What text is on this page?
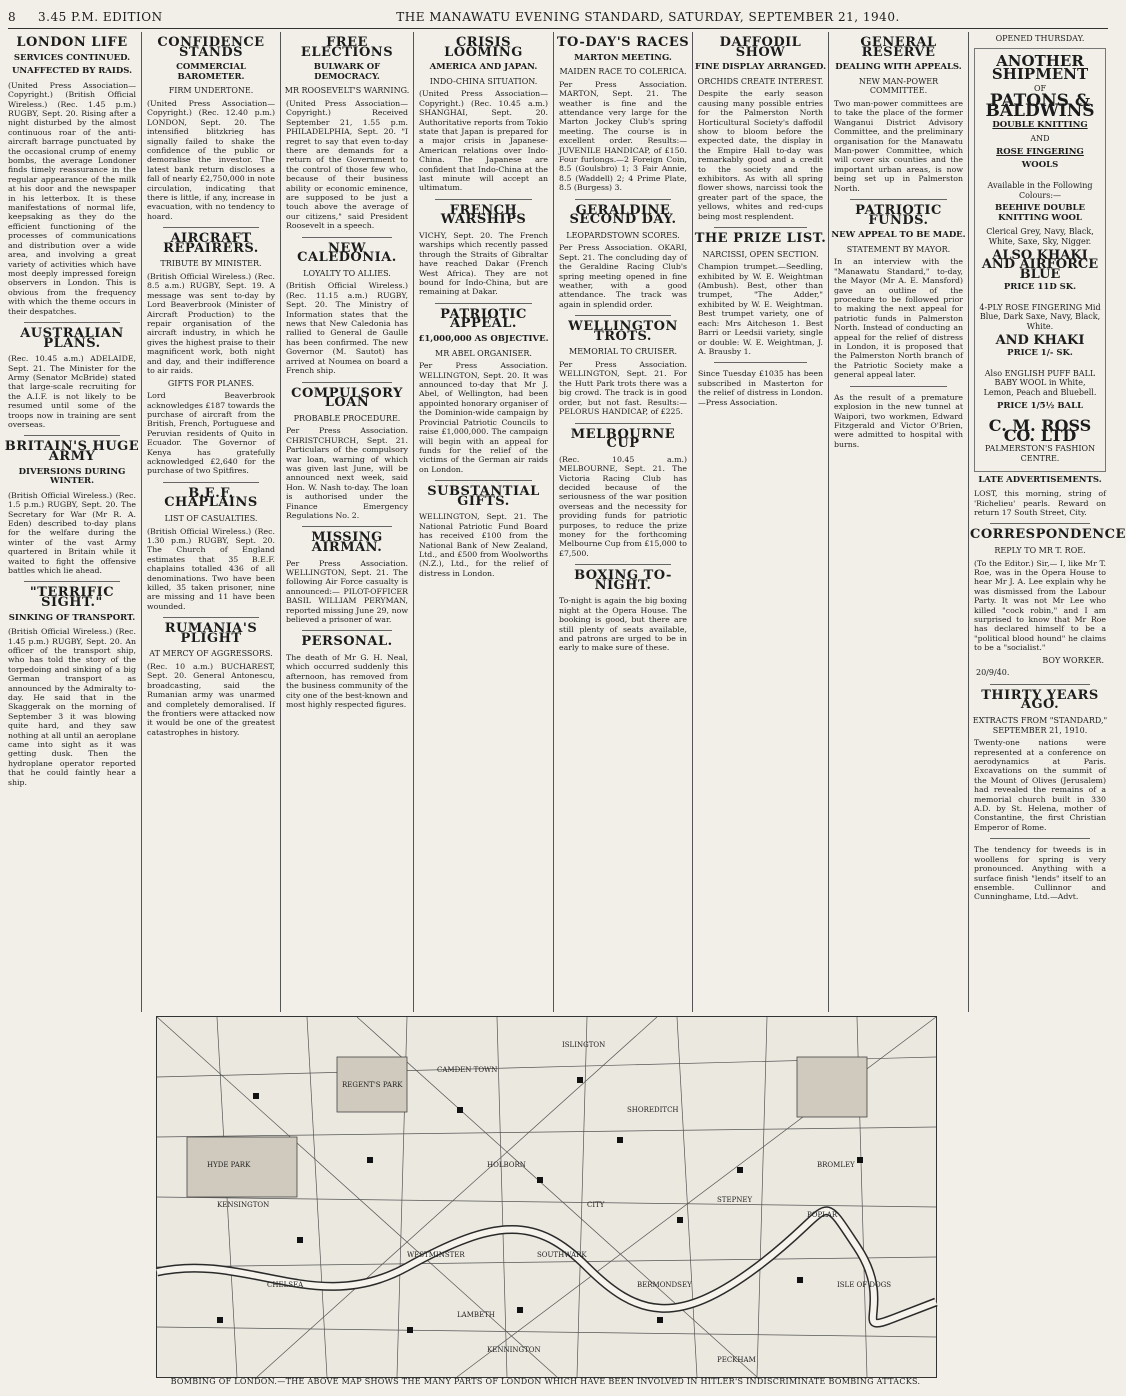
8	3.45 P.M. EDITION	THE MANAWATU EVENING STANDARD, SATURDAY, SEPTEMBER 21, 1940.
LONDON LIFE
SERVICES CONTINUED.
UNAFFECTED BY RAIDS.

(United Press Association—Copyright.) (British Official Wireless.) (Rec. 1.45 p.m.) RUGBY, Sept. 20. Rising after a night disturbed by the almost continuous roar of the anti-aircraft barrage punctuated by the occasional crump of enemy bombs, the average Londoner finds timely reassurance in the regular appearance of the milk at his door and the newspaper in his letterbox. It is these manifestations of normal life, keepsaking as they do the efficient functioning of the processes of communications and distribution over a wide area, and involving a great variety of activities which have most deeply impressed foreign observers in London. This is obvious from the frequency with which the theme occurs in their despatches.

AUSTRALIAN PLANS.

(Rec. 10.45 a.m.) ADELAIDE, Sept. 21. The Minister for the Army (Senator McBride) stated that large-scale recruiting for the A.I.F. is not likely to be resumed until some of the troops now in training are sent overseas.

BRITAIN'S HUGE ARMY
DIVERSIONS DURING WINTER.

(British Official Wireless.) (Rec. 1.5 p.m.) RUGBY, Sept. 20. The Secretary for War (Mr R. A. Eden) described to-day plans for the welfare during the winter of the vast Army quartered in Britain while it waited to fight the offensive battles which lie ahead.

"TERRIFIC SIGHT."
SINKING OF TRANSPORT.

(British Official Wireless.) (Rec. 1.45 p.m.) RUGBY, Sept. 20. An officer of the transport ship, who has told the story of the torpedoing and sinking of a big German transport as announced by the Admiralty to-day. He said that in the Skaggerak on the morning of September 3 it was blowing quite hard, and they saw nothing at all until an aeroplane came into sight as it was getting dusk. Then the hydroplane operator reported that he could faintly hear a ship.

CONFIDENCE STANDS
COMMERCIAL BAROMETER.
FIRM UNDERTONE.

(United Press Association—Copyright.) (Rec. 12.40 p.m.) LONDON, Sept. 20. The intensified blitzkrieg has signally failed to shake the confidence of the public or demoralise the investor. The latest bank return discloses a fall of nearly £2,750,000 in note circulation, indicating that there is little, if any, increase in evacuation, with no tendency to hoard.

AIRCRAFT REPAIRERS.
TRIBUTE BY MINISTER.

(British Official Wireless.) (Rec. 8.5 a.m.) RUGBY, Sept. 19. A message was sent to-day by Lord Beaverbrook (Minister of Aircraft Production) to the repair organisation of the aircraft industry, in which he gives the highest praise to their magnificent work, both night and day, and their indifference to air raids.

GIFTS FOR PLANES.

Lord Beaverbrook acknowledges £187 towards the purchase of aircraft from the British, French, Portuguese and Peruvian residents of Quito in Ecuador. The Governor of Kenya has gratefully acknowledged £2,640 for the purchase of two Spitfires.

B.E.F. CHAPLAINS
LIST OF CASUALTIES.

(British Official Wireless.) (Rec. 1.30 p.m.) RUGBY, Sept. 20. The Church of England estimates that 35 B.E.F. chaplains totalled 436 of all denominations. Two have been killed, 35 taken prisoner, nine are missing and 11 have been wounded.

RUMANIA'S PLIGHT
AT MERCY OF AGGRESSORS.

(Rec. 10 a.m.) BUCHAREST, Sept. 20. General Antonescu, broadcasting, said the Rumanian army was unarmed and completely demoralised. If the frontiers were attacked now it would be one of the greatest catastrophes in history.

FREE ELECTIONS
BULWARK OF DEMOCRACY.
MR ROOSEVELT'S WARNING.

(United Press Association—Copyright.) Received September 21, 1.55 p.m. PHILADELPHIA, Sept. 20. "I regret to say that even to-day there are demands for a return of the Government to the control of those few who, because of their business ability or economic eminence, are supposed to be just a touch above the average of our citizens," said President Roosevelt in a speech.

NEW CALEDONIA.
LOYALTY TO ALLIES.

(British Official Wireless.) (Rec. 11.15 a.m.) RUGBY, Sept. 20. The Ministry of Information states that the news that New Caledonia has rallied to General de Gaulle has been confirmed. The new Governor (M. Sautot) has arrived at Noumea on board a French ship.

COMPULSORY LOAN
PROBABLE PROCEDURE.

Per Press Association. CHRISTCHURCH, Sept. 21. Particulars of the compulsory war loan, warning of which was given last June, will be announced next week, said Hon. W. Nash to-day. The loan is authorised under the Finance Emergency Regulations No. 2.

MISSING AIRMAN.

Per Press Association. WELLINGTON, Sept. 21. The following Air Force casualty is announced:— PILOT-OFFICER BASIL WILLIAM PERYMAN, reported missing June 29, now believed a prisoner of war.

PERSONAL.

The death of Mr G. H. Neal, which occurred suddenly this afternoon, has removed from the business community of the city one of the best-known and most highly respected figures.

CRISIS LOOMING
AMERICA AND JAPAN.
INDO-CHINA SITUATION.

(United Press Association—Copyright.) (Rec. 10.45 a.m.) SHANGHAI, Sept. 20. Authoritative reports from Tokio state that Japan is prepared for a major crisis in Japanese-American relations over Indo-China. The Japanese are confident that Indo-China at the last minute will accept an ultimatum.

FRENCH WARSHIPS

VICHY, Sept. 20. The French warships which recently passed through the Straits of Gibraltar have reached Dakar (French West Africa). They are not bound for Indo-China, but are remaining at Dakar.

PATRIOTIC APPEAL.
£1,000,000 AS OBJECTIVE.
MR ABEL ORGANISER.

Per Press Association. WELLINGTON, Sept. 20. It was announced to-day that Mr J. Abel, of Wellington, had been appointed honorary organiser of the Dominion-wide campaign by Provincial Patriotic Councils to raise £1,000,000. The campaign will begin with an appeal for funds for the relief of the victims of the German air raids on London.

SUBSTANTIAL GIFTS.

WELLINGTON, Sept. 21. The National Patriotic Fund Board has received £100 from the National Bank of New Zealand, Ltd., and £500 from Woolworths (N.Z.), Ltd., for the relief of distress in London.

TO-DAY'S RACES
MARTON MEETING.
MAIDEN RACE TO COLERICA.

Per Press Association. MARTON, Sept. 21. The weather is fine and the attendance very large for the Marton Jockey Club's spring meeting. The course is in excellent order. Results:— JUVENILE HANDICAP, of £150. Four furlongs.—2 Foreign Coin, 8.5 (Goulsbro) 1; 3 Fair Annie, 8.5 (Waddell) 2; 4 Prime Plate, 8.5 (Burgess) 3.

GERALDINE SECOND DAY.
LEOPARDSTOWN SCORES.

Per Press Association. OKARI, Sept. 21. The concluding day of the Geraldine Racing Club's spring meeting opened in fine weather, with a good attendance. The track was again in splendid order.

WELLINGTON TROTS.
MEMORIAL TO CRUISER.

Per Press Association. WELLINGTON, Sept. 21. For the Hutt Park trots there was a big crowd. The track is in good order, but not fast. Results:— PELORUS HANDICAP, of £225.

MELBOURNE CUP

(Rec. 10.45 a.m.) MELBOURNE, Sept. 21. The Victoria Racing Club has decided because of the seriousness of the war position overseas and the necessity for providing funds for patriotic purposes, to reduce the prize money for the forthcoming Melbourne Cup from £15,000 to £7,500.

BOXING TO-NIGHT.

To-night is again the big boxing night at the Opera House. The booking is good, but there are still plenty of seats available, and patrons are urged to be in early to make sure of these.

DAFFODIL SHOW
FINE DISPLAY ARRANGED.
ORCHIDS CREATE INTEREST.

Despite the early season causing many possible entries for the Palmerston North Horticultural Society's daffodil show to bloom before the expected date, the display in the Empire Hall to-day was remarkably good and a credit to the society and the exhibitors. As with all spring flower shows, narcissi took the greater part of the space, the yellows, whites and red-cups being most resplendent.

THE PRIZE LIST.
NARCISSI, OPEN SECTION.

Champion trumpet.—Seedling, exhibited by W. E. Weightman (Ambush). Best, other than trumpet, "The Adder," exhibited by W. E. Weightman. Best trumpet variety, one of each: Mrs Aitcheson 1. Best Barri or Leedsii variety, single or double: W. E. Weightman, J. A. Brausby 1.

Since Tuesday £1035 has been subscribed in Masterton for the relief of distress in London.—Press Association.

GENERAL RESERVE
DEALING WITH APPEALS.
NEW MAN-POWER COMMITTEE.

Two man-power committees are to take the place of the former Wanganui District Advisory Committee, and the preliminary organisation for the Manawatu Man-power Committee, which will cover six counties and the important urban areas, is now being set up in Palmerston North.

PATRIOTIC FUNDS.
NEW APPEAL TO BE MADE.
STATEMENT BY MAYOR.

In an interview with the "Manawatu Standard," to-day, the Mayor (Mr A. E. Mansford) gave an outline of the procedure to be followed prior to making the next appeal for patriotic funds in Palmerston North. Instead of conducting an appeal for the relief of distress in London, it is proposed that the Palmerston North branch of the Patriotic Society make a general appeal later.

As the result of a premature explosion in the new tunnel at Waipori, two workmen, Edward Fitzgerald and Victor O'Brien, were admitted to hospital with burns.

OPENED THURSDAY.
ANOTHER
SHIPMENT
OF
PATONS & BALDWINS
DOUBLE KNITTING
AND
ROSE FINGERING
WOOLS
Available in the Following Colours:—
BEEHIVE DOUBLE KNITTING WOOL
Clerical Grey, Navy, Black, White, Saxe, Sky, Nigger.
ALSO KHAKI AND AIRFORCE BLUE
PRICE 11D SK.
4-PLY ROSE FINGERING Mid Blue, Dark Saxe, Navy, Black, White.
AND KHAKI
PRICE 1/- SK.
Also ENGLISH PUFF BALL BABY WOOL in White, Lemon, Peach and Bluebell.
PRICE 1/5½ BALL
C. M. ROSS CO. LTD
PALMERSTON'S FASHION CENTRE.
LATE ADVERTISEMENTS.

LOST, this morning, string of 'Richelieu' pearls. Reward on return 17 South Street, City.

CORRESPONDENCE
REPLY TO MR T. ROE.

(To the Editor.) Sir,— I, like Mr T. Roe, was in the Opera House to hear Mr J. A. Lee explain why he was dismissed from the Labour Party. It was not Mr Lee who killed "cock robin," and I am surprised to know that Mr Roe has declared himself to be a "political blood hound" he claims to be a "socialist."

BOY WORKER.
20/9/40.
THIRTY YEARS AGO.
EXTRACTS FROM "STANDARD," SEPTEMBER 21, 1910.

Twenty-one nations were represented at a conference on aerodynamics at Paris. Excavations on the summit of the Mount of Olives (Jerusalem) had revealed the remains of a memorial church built in 330 A.D. by St. Helena, mother of Constantine, the first Christian Emperor of Rome.

The tendency for tweeds is in woollens for spring is very pronounced. Anything with a surface finish "lends" itself to an ensemble. Cullinnor and Cunninghame, Ltd.—Advt.

ISLINGTON
CAMDEN TOWN
REGENT'S PARK
KENSINGTON
STEPNEY
BERMONDSEY
LAMBETH
ISLE OF DOGS
HYDE PARK
CITY
WESTMINSTER
CHELSEA
SOUTHWARK
POPLAR
BROMLEY
HOLBORN
SHOREDITCH
PECKHAM
KENNINGTON
BOMBING OF LONDON.—THE ABOVE MAP SHOWS THE MANY PARTS OF LONDON WHICH HAVE BEEN INVOLVED IN HITLER'S INDISCRIMINATE BOMBING ATTACKS.
